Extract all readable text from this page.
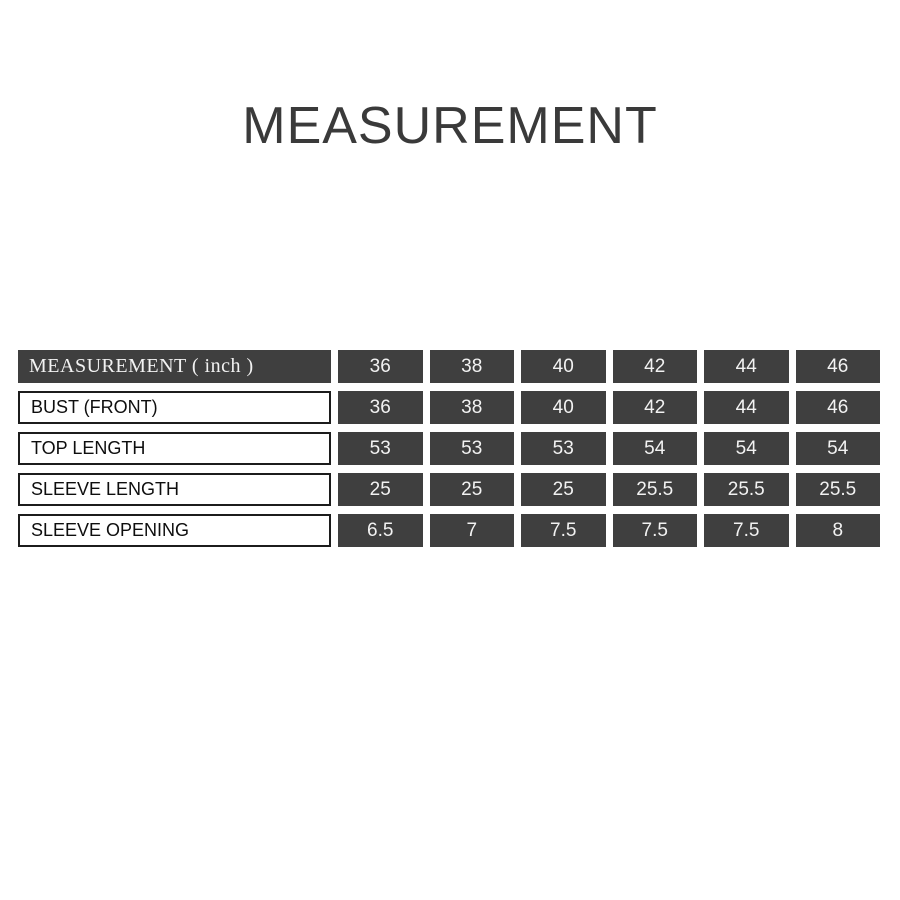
MEASUREMENT
MEASUREMENT ( inch )	36	38	40	42	44	46
BUST (FRONT)	36	38	40	42	44	46
TOP LENGTH	53	53	53	54	54	54
SLEEVE LENGTH	25	25	25	25.5	25.5	25.5
SLEEVE OPENING	6.5	7	7.5	7.5	7.5	8
